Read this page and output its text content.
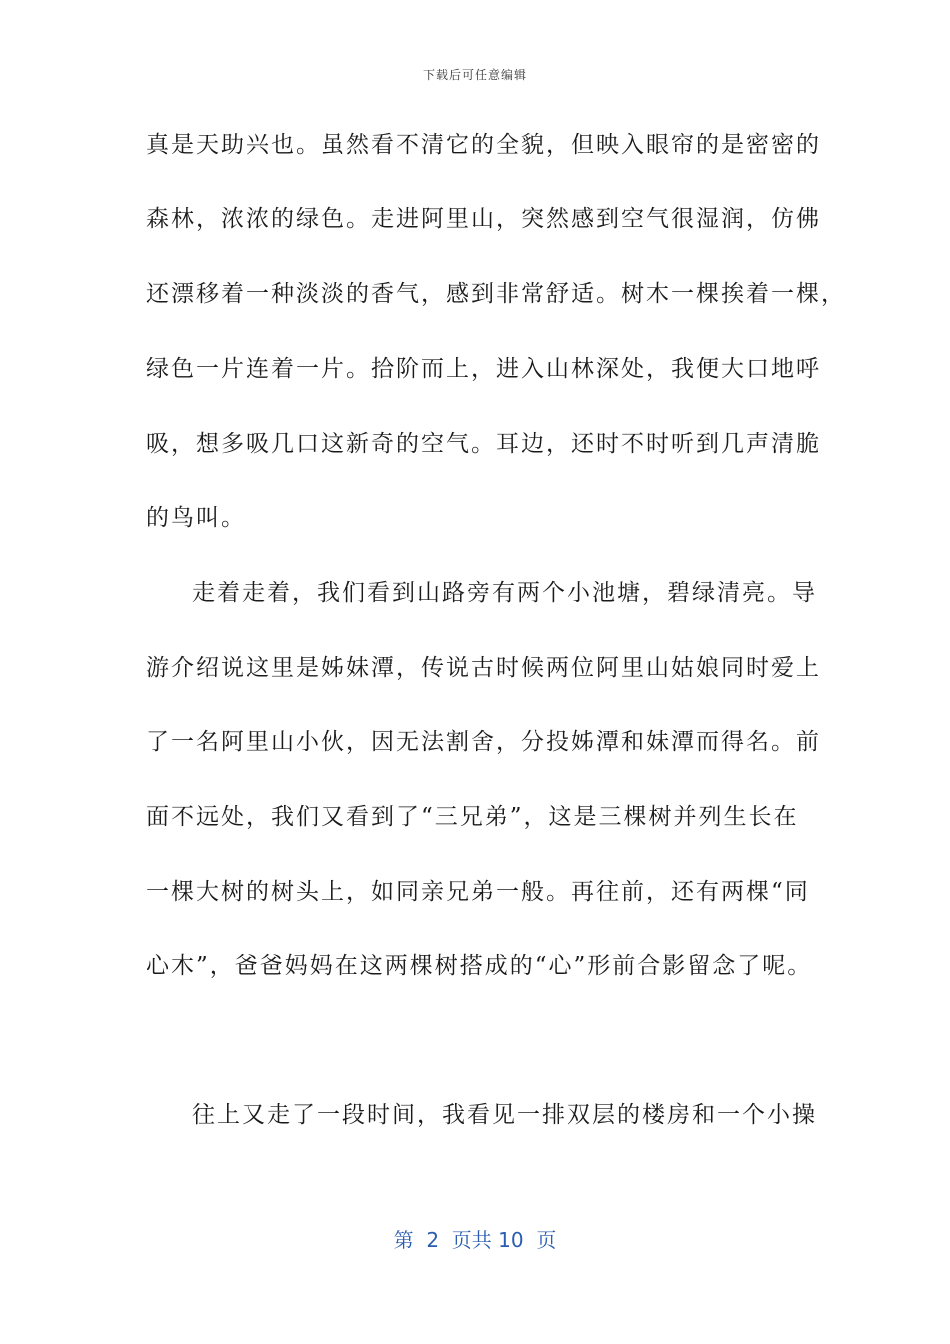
下载后可任意编辑
真是天助兴也。虽然看不清它的全貌，但映入眼帘的是密密的
森林，浓浓的绿色。走进阿里山，突然感到空气很湿润，仿佛
还漂移着一种淡淡的香气，感到非常舒适。树木一棵挨着一棵，
绿色一片连着一片。拾阶而上，进入山林深处，我便大口地呼
吸，想多吸几口这新奇的空气。耳边，还时不时听到几声清脆
的鸟叫。
走着走着，我们看到山路旁有两个小池塘，碧绿清亮。导
游介绍说这里是姊妹潭，传说古时候两位阿里山姑娘同时爱上
了一名阿里山小伙，因无法割舍，分投姊潭和妹潭而得名。前
面不远处，我们又看到了“三兄弟”，这是三棵树并列生长在
一棵大树的树头上，如同亲兄弟一般。再往前，还有两棵“同
心木”，爸爸妈妈在这两棵树搭成的“心”形前合影留念了呢。
往上又走了一段时间，我看见一排双层的楼房和一个小操
第  2  页共 10  页
